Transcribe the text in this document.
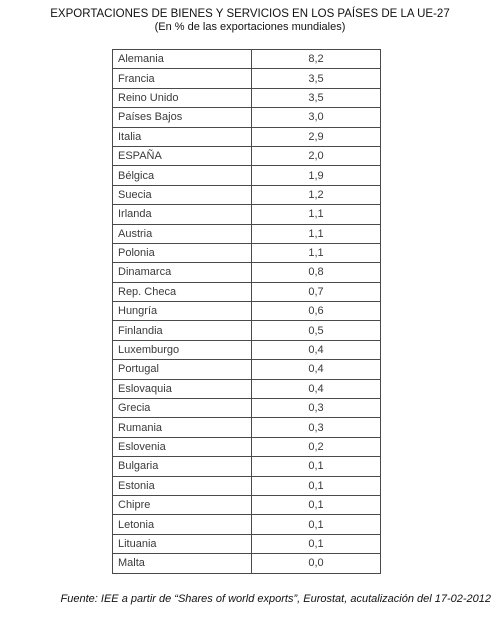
EXPORTACIONES DE BIENES Y SERVICIOS EN LOS PAÍSES DE LA UE-27
(En % de las exportaciones mundiales)
Alemania	8,2
Francia	3,5
Reino Unido	3,5
Países Bajos	3,0
Italia	2,9
ESPAÑA	2,0
Bélgica	1,9
Suecia	1,2
Irlanda	1,1
Austria	1,1
Polonia	1,1
Dinamarca	0,8
Rep. Checa	0,7
Hungría	0,6
Finlandia	0,5
Luxemburgo	0,4
Portugal	0,4
Eslovaquia	0,4
Grecia	0,3
Rumania	0,3
Eslovenia	0,2
Bulgaria	0,1
Estonia	0,1
Chipre	0,1
Letonia	0,1
Lituania	0,1
Malta	0,0
Fuente: IEE a partir de “Shares of world exports”, Eurostat, acutalización del 17-02-2012
